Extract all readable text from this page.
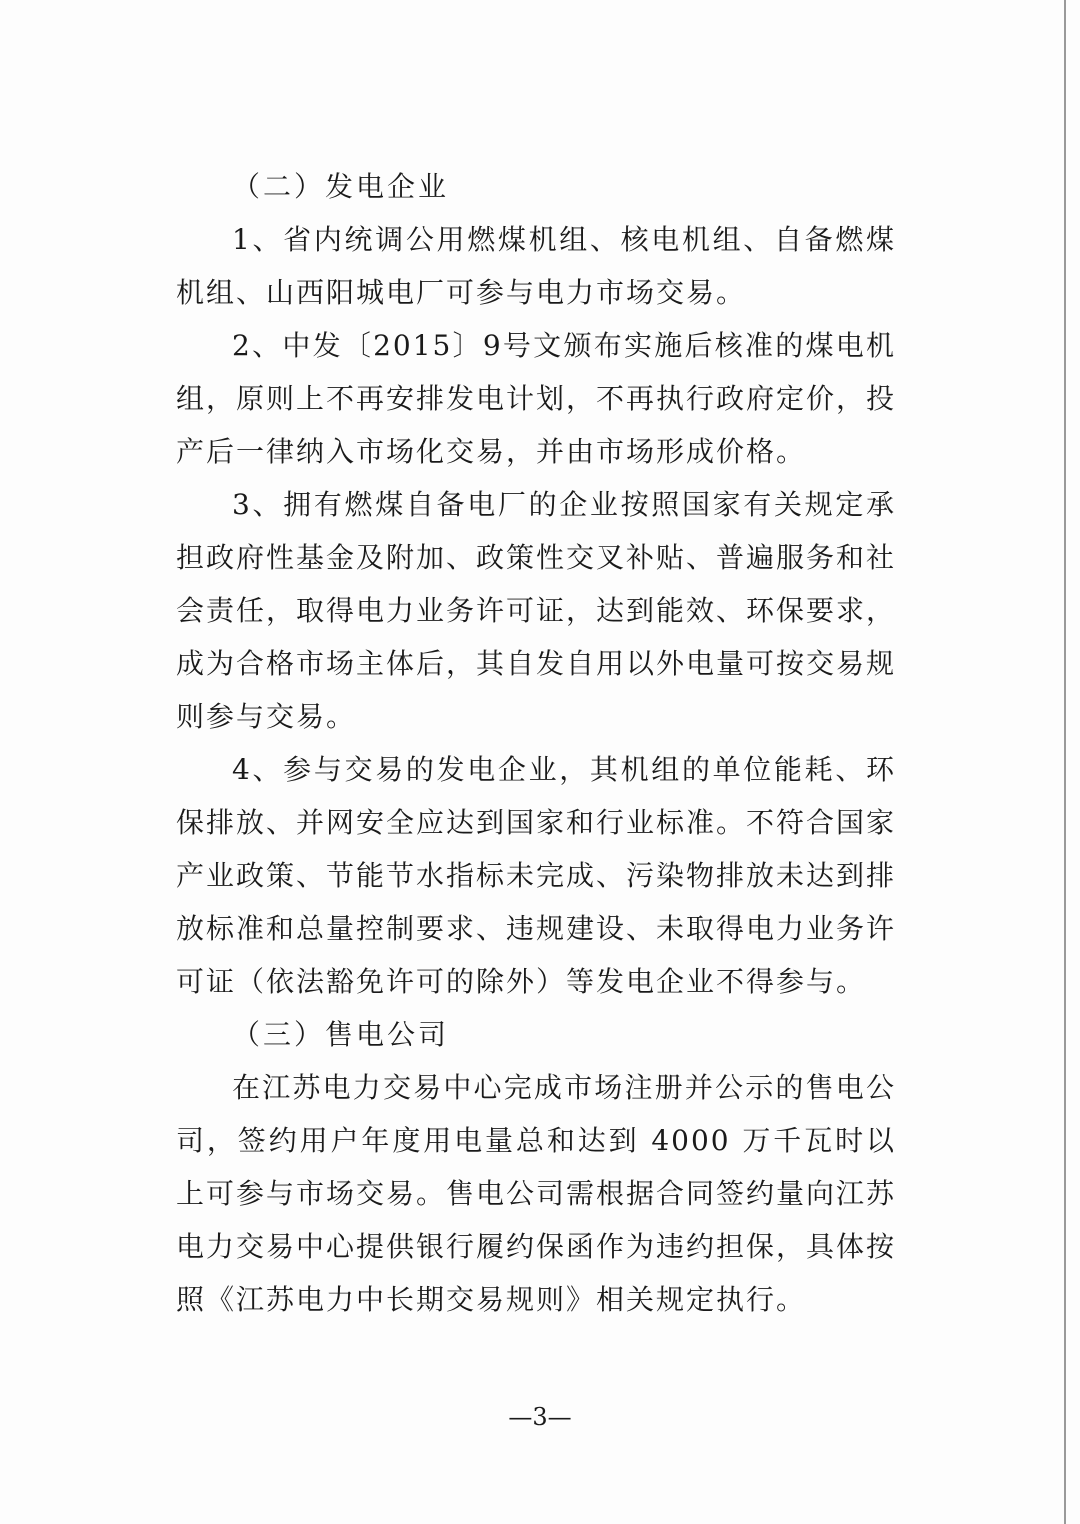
（二）发电企业

1、省内统调公用燃煤机组、核电机组、自备燃煤机组、山西阳城电厂可参与电力市场交易。

2、中发〔2015〕9号文颁布实施后核准的煤电机组，原则上不再安排发电计划，不再执行政府定价，投产后一律纳入市场化交易，并由市场形成价格。

3、拥有燃煤自备电厂的企业按照国家有关规定承担政府性基金及附加、政策性交叉补贴、普遍服务和社会责任，取得电力业务许可证，达到能效、环保要求，成为合格市场主体后，其自发自用以外电量可按交易规则参与交易。

4、参与交易的发电企业，其机组的单位能耗、环保排放、并网安全应达到国家和行业标准。不符合国家产业政策、节能节水指标未完成、污染物排放未达到排放标准和总量控制要求、违规建设、未取得电力业务许可证（依法豁免许可的除外）等发电企业不得参与。

（三）售电公司

在江苏电力交易中心完成市场注册并公示的售电公司，签约用户年度用电量总和达到 4000 万千瓦时以上可参与市场交易。售电公司需根据合同签约量向江苏电力交易中心提供银行履约保函作为违约担保，具体按照《江苏电力中长期交易规则》相关规定执行。

—3—
